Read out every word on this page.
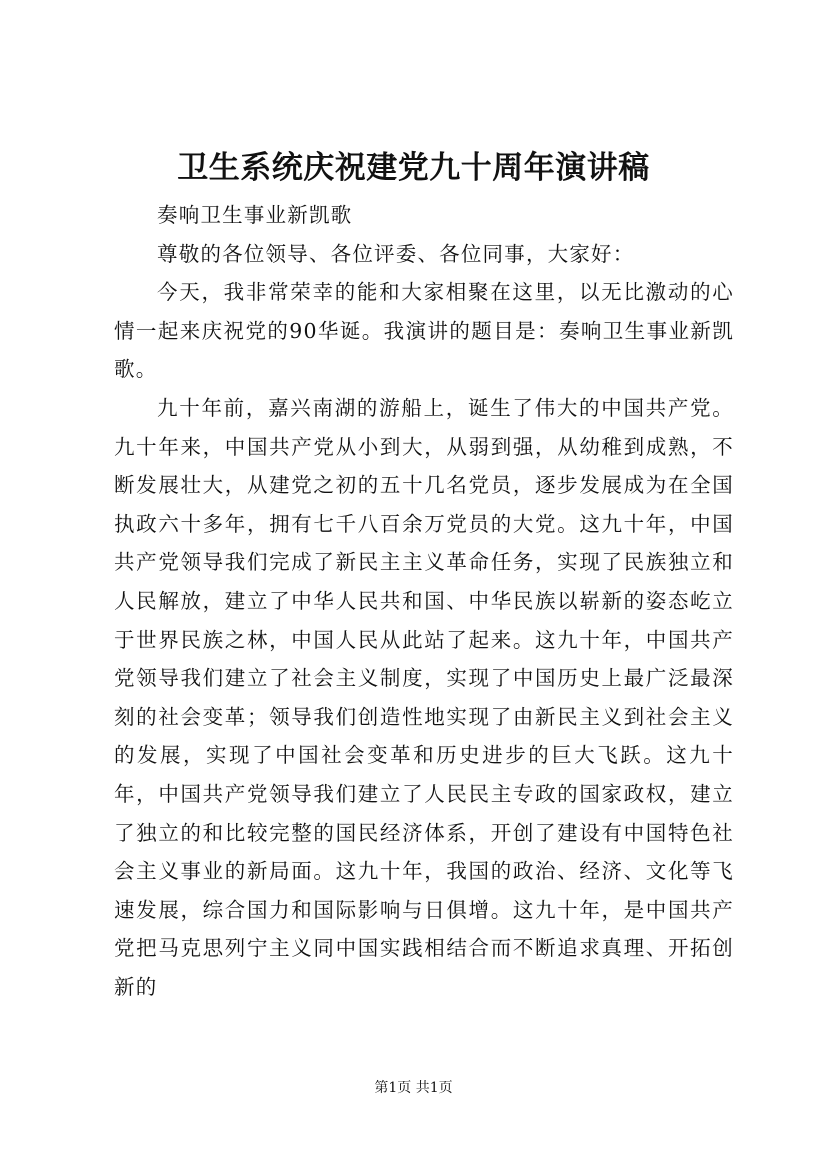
卫生系统庆祝建党九十周年演讲稿

奏响卫生事业新凯歌

尊敬的各位领导、各位评委、各位同事，大家好：

今天，我非常荣幸的能和大家相聚在这里，以无比激动的心情一起来庆祝党的90华诞。我演讲的题目是：奏响卫生事业新凯歌。

九十年前，嘉兴南湖的游船上，诞生了伟大的中国共产党。九十年来，中国共产党从小到大，从弱到强，从幼稚到成熟，不断发展壮大，从建党之初的五十几名党员，逐步发展成为在全国执政六十多年，拥有七千八百余万党员的大党。这九十年，中国共产党领导我们完成了新民主主义革命任务，实现了民族独立和人民解放，建立了中华人民共和国、中华民族以崭新的姿态屹立于世界民族之林，中国人民从此站了起来。这九十年，中国共产党领导我们建立了社会主义制度，实现了中国历史上最广泛最深刻的社会变革；领导我们创造性地实现了由新民主义到社会主义的发展，实现了中国社会变革和历史进步的巨大飞跃。这九十年，中国共产党领导我们建立了人民民主专政的国家政权，建立了独立的和比较完整的国民经济体系，开创了建设有中国特色社会主义事业的新局面。这九十年，我国的政治、经济、文化等飞速发展，综合国力和国际影响与日俱增。这九十年，是中国共产党把马克思列宁主义同中国实践相结合而不断追求真理、开拓创新的

第1页 共1页
